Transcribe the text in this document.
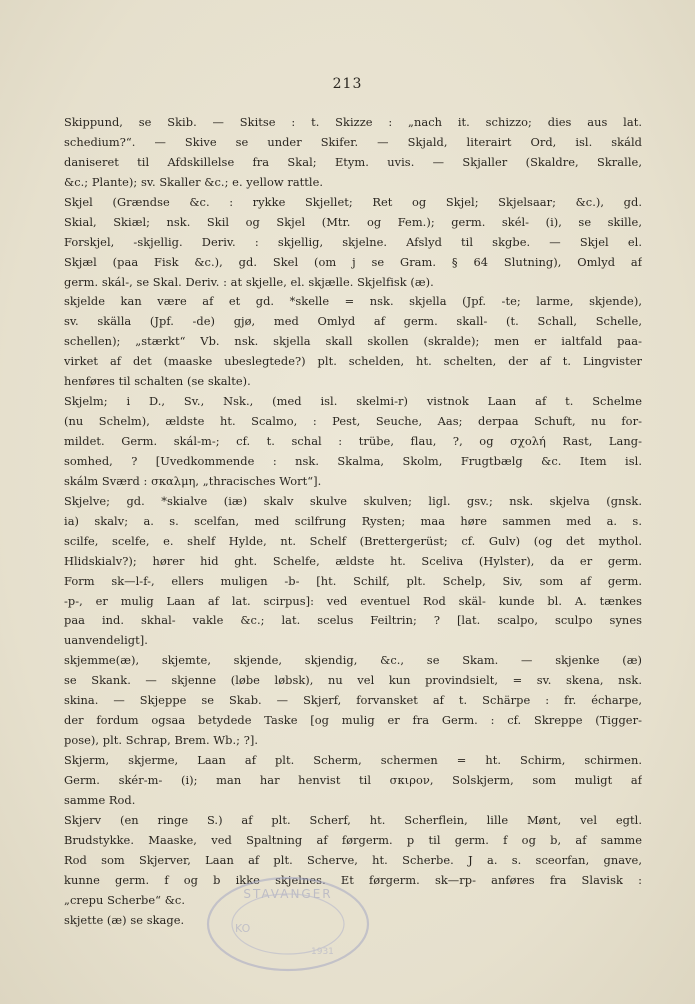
213
Skippund, se Skib. — Skitse : t. Skizze : „nach it. schizzo; dies aus lat.
schedium?“. — Skive se under Skifer. — Skjald, literairt Ord, isl. skáld
daniseret til Afdskillelse fra Skal; Etym. uvis. — Skjaller (Skaldre, Skralle,
&c.; Plante); sv. Skaller &c.; e. yellow rattle.
Skjel (Grændse &c. : rykke Skjellet; Ret og Skjel; Skjelsaar; &c.), gd.
Skial, Skiæl; nsk. Skil og Skjel (Mtr. og Fem.); germ. skél- (i), se skille,
Forskjel, -skjellig. Deriv. : skjellig, skjelne. Afslyd til skgbe. — Skjel el.
Skjæl (paa Fisk &c.), gd. Skel (om j se Gram. § 64 Slutning), Omlyd af
germ. skál-, se Skal. Deriv. : at skjelle, el. skjælle. Skjelfisk (æ).
skjelde kan være af et gd. *skelle = nsk. skjella (Jpf. -te; larme, skjende),
sv. skälla (Jpf. -de) gjø, med Omlyd af germ. skall- (t. Schall, Schelle,
schellen); „stærkt“ Vb. nsk. skjella skall skollen (skralde); men er ialtfald paa-
virket af det (maaske ubeslegtede?) plt. schelden, ht. schelten, der af t. Lingvister
henføres til schalten (se skalte).
Skjelm; i D., Sv., Nsk., (med isl. skelmi-r) vistnok Laan af t. Schelme
(nu Schelm), ældste ht. Scalmo, : Pest, Seuche, Aas; derpaa Schuft, nu for-
mildet. Germ. skál-m-; cf. t. schal : trübe, flau, ?, og σχολή Rast, Lang-
somhed, ? [Uvedkommende : nsk. Skalma, Skolm, Frugtbælg &c. Item isl.
skálm Sværd : σκαλμη, „thracisches Wort“].
Skjelve; gd. *skialve (iæ) skalv skulve skulven; ligl. gsv.; nsk. skjelva (gnsk.
ia) skalv; a. s. scelfan, med scilfrung Rysten; maa høre sammen med a. s.
scilfe, scelfe, e. shelf Hylde, nt. Schelf (Brettergerüst; cf. Gulv) (og det mythol.
Hlidskialv?); hører hid ght. Schelfe, ældste ht. Sceliva (Hylster), da er germ.
Form sk—l-f-, ellers muligen -b- [ht. Schilf, plt. Schelp, Siv, som af germ.
-p-, er mulig Laan af lat. scirpus]: ved eventuel Rod skäl- kunde bl. A. tænkes
paa ind. skhal- vakle &c.; lat. scelus Feiltrin; ? [lat. scalpo, sculpo synes
uanvendeligt].
skjemme(æ), skjemte, skjende, skjendig, &c., se Skam. — skjenke (æ)
se Skank. — skjenne (løbe løbsk), nu vel kun provindsielt, = sv. skena, nsk.
skina. — Skjeppe se Skab. — Skjerf, forvansket af t. Schärpe : fr. écharpe,
der fordum ogsaa betydede Taske [og mulig er fra Germ. : cf. Skreppe (Tigger-
pose), plt. Schrap, Brem. Wb.; ?].
Skjerm, skjerme, Laan af plt. Scherm, schermen = ht. Schirm, schirmen.
Germ. skér-m- (i); man har henvist til σκιρον, Solskjerm, som muligt af
samme Rod.
Skjerv (en ringe S.) af plt. Scherf, ht. Scherflein, lille Mønt, vel egtl.
Brudstykke. Maaske, ved Spaltning af førgerm. p til germ. f og b, af samme
Rod som Skjerver, Laan af plt. Scherve, ht. Scherbe. J a. s. sceorfan, gnave,
kunne germ. f og b ikke skjelnes. Et førgerm. sk—rp- anføres fra Slavisk :
„crepu Scherbe“ &c.
skjette (æ) se skage.
STAVANGER
KO
1931
